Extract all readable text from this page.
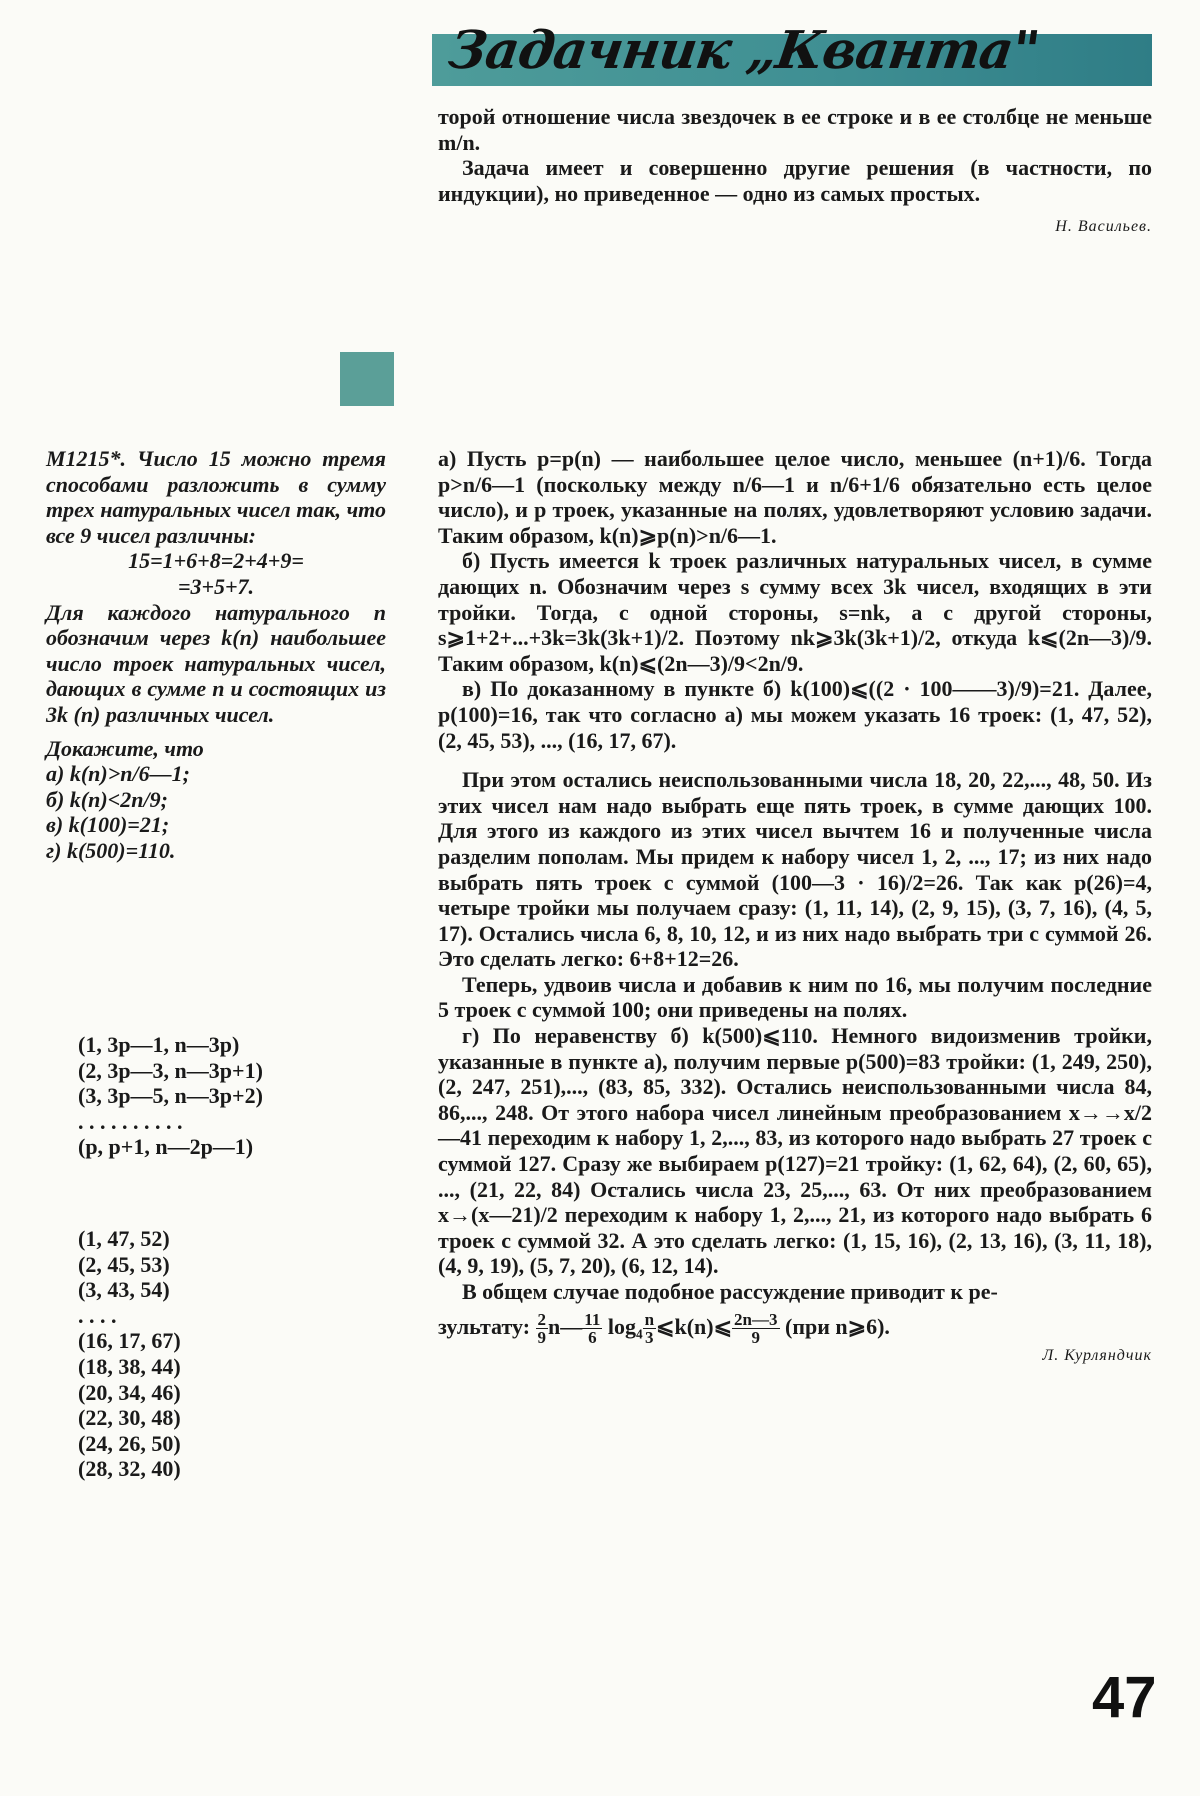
Задачник „Кванта"

торой отношение числа звездочек в ее строке и в ее столбце не меньше m/n.

Задача имеет и совершенно другие решения (в частности, по индукции), но приведенное — одно из самых простых.

Н. Васильев.

M1215*. Число 15 можно тремя способами разложить в сумму трех натуральных чисел так, что все 9 чисел различны:

15=1+6+8=2+4+9=

=3+5+7.

Для каждого натурального n обозначим через k(n) наибольшее число троек натуральных чисел, дающих в сумме n и состоящих из 3k (n) различных чисел.

Докажите, что

а) k(n)>n/6—1;
б) k(n)<2n/9;
в) k(100)=21;
г) k(500)=110.
(1, 3p—1, n—3p)
(2, 3p—3, n—3p+1)
(3, 3p—5, n—3p+2)
. . . . . . . . . .
(p, p+1, n—2p—1)
(1, 47, 52)
(2, 45, 53)
(3, 43, 54)
. . . .
(16, 17, 67)
(18, 38, 44)
(20, 34, 46)
(22, 30, 48)
(24, 26, 50)
(28, 32, 40)

а) Пусть p=p(n) — наибольшее целое число, меньшее (n+1)/6. Тогда p>n/6—1 (поскольку между n/6—1 и n/6+1/6 обязательно есть целое число), и p троек, указанные на полях, удовлетворяют условию задачи. Таким образом, k(n)⩾p(n)>n/6—1.

б) Пусть имеется k троек различных натуральных чисел, в сумме дающих n. Обозначим через s сумму всех 3k чисел, входящих в эти тройки. Тогда, с одной стороны, s=nk, а с другой стороны, s⩾1+2+...+3k=3k(3k+1)/2. Поэтому nk⩾3k(3k+1)/2, откуда k⩽(2n—3)/9. Таким образом, k(n)⩽(2n—3)/9<2n/9.

в) По доказанному в пункте б) k(100)⩽((2 · 100——3)/9)=21. Далее, p(100)=16, так что согласно а) мы можем указать 16 троек: (1, 47, 52), (2, 45, 53), ..., (16, 17, 67).

При этом остались неиспользованными числа 18, 20, 22,..., 48, 50. Из этих чисел нам надо выбрать еще пять троек, в сумме дающих 100. Для этого из каждого из этих чисел вычтем 16 и полученные числа разделим пополам. Мы придем к набору чисел 1, 2, ..., 17; из них надо выбрать пять троек с суммой (100—3 · 16)/2=26. Так как p(26)=4, четыре тройки мы получаем сразу: (1, 11, 14), (2, 9, 15), (3, 7, 16), (4, 5, 17). Остались числа 6, 8, 10, 12, и из них надо выбрать три с суммой 26. Это сделать легко: 6+8+12=26.

Теперь, удвоив числа и добавив к ним по 16, мы получим последние 5 троек с суммой 100; они приведены на полях.

г) По неравенству б) k(500)⩽110. Немного видоизменив тройки, указанные в пункте а), получим первые p(500)=83 тройки: (1, 249, 250), (2, 247, 251),..., (83, 85, 332). Остались неиспользованными числа 84, 86,..., 248. От этого набора чисел линейным преобразованием x→→x/2—41 переходим к набору 1, 2,..., 83, из которого надо выбрать 27 троек с суммой 127. Сразу же выбираем p(127)=21 тройку: (1, 62, 64), (2, 60, 65), ..., (21, 22, 84) Остались числа 23, 25,..., 63. От них преобразованием x→(x—21)/2 переходим к набору 1, 2,..., 21, из которого надо выбрать 6 троек с суммой 32. А это сделать легко: (1, 15, 16), (2, 13, 16), (3, 11, 18), (4, 9, 19), (5, 7, 20), (6, 12, 14).

В общем случае подобное рассуждение приводит к ре-

зультату: $\frac{2}{9}$ n— $\frac{11}{6} \log_4 \frac{n}{3}$ ⩽k(n)⩽ $\frac{2n—3}{9} (при$ n⩾6).

Л. Курляндчик
47
